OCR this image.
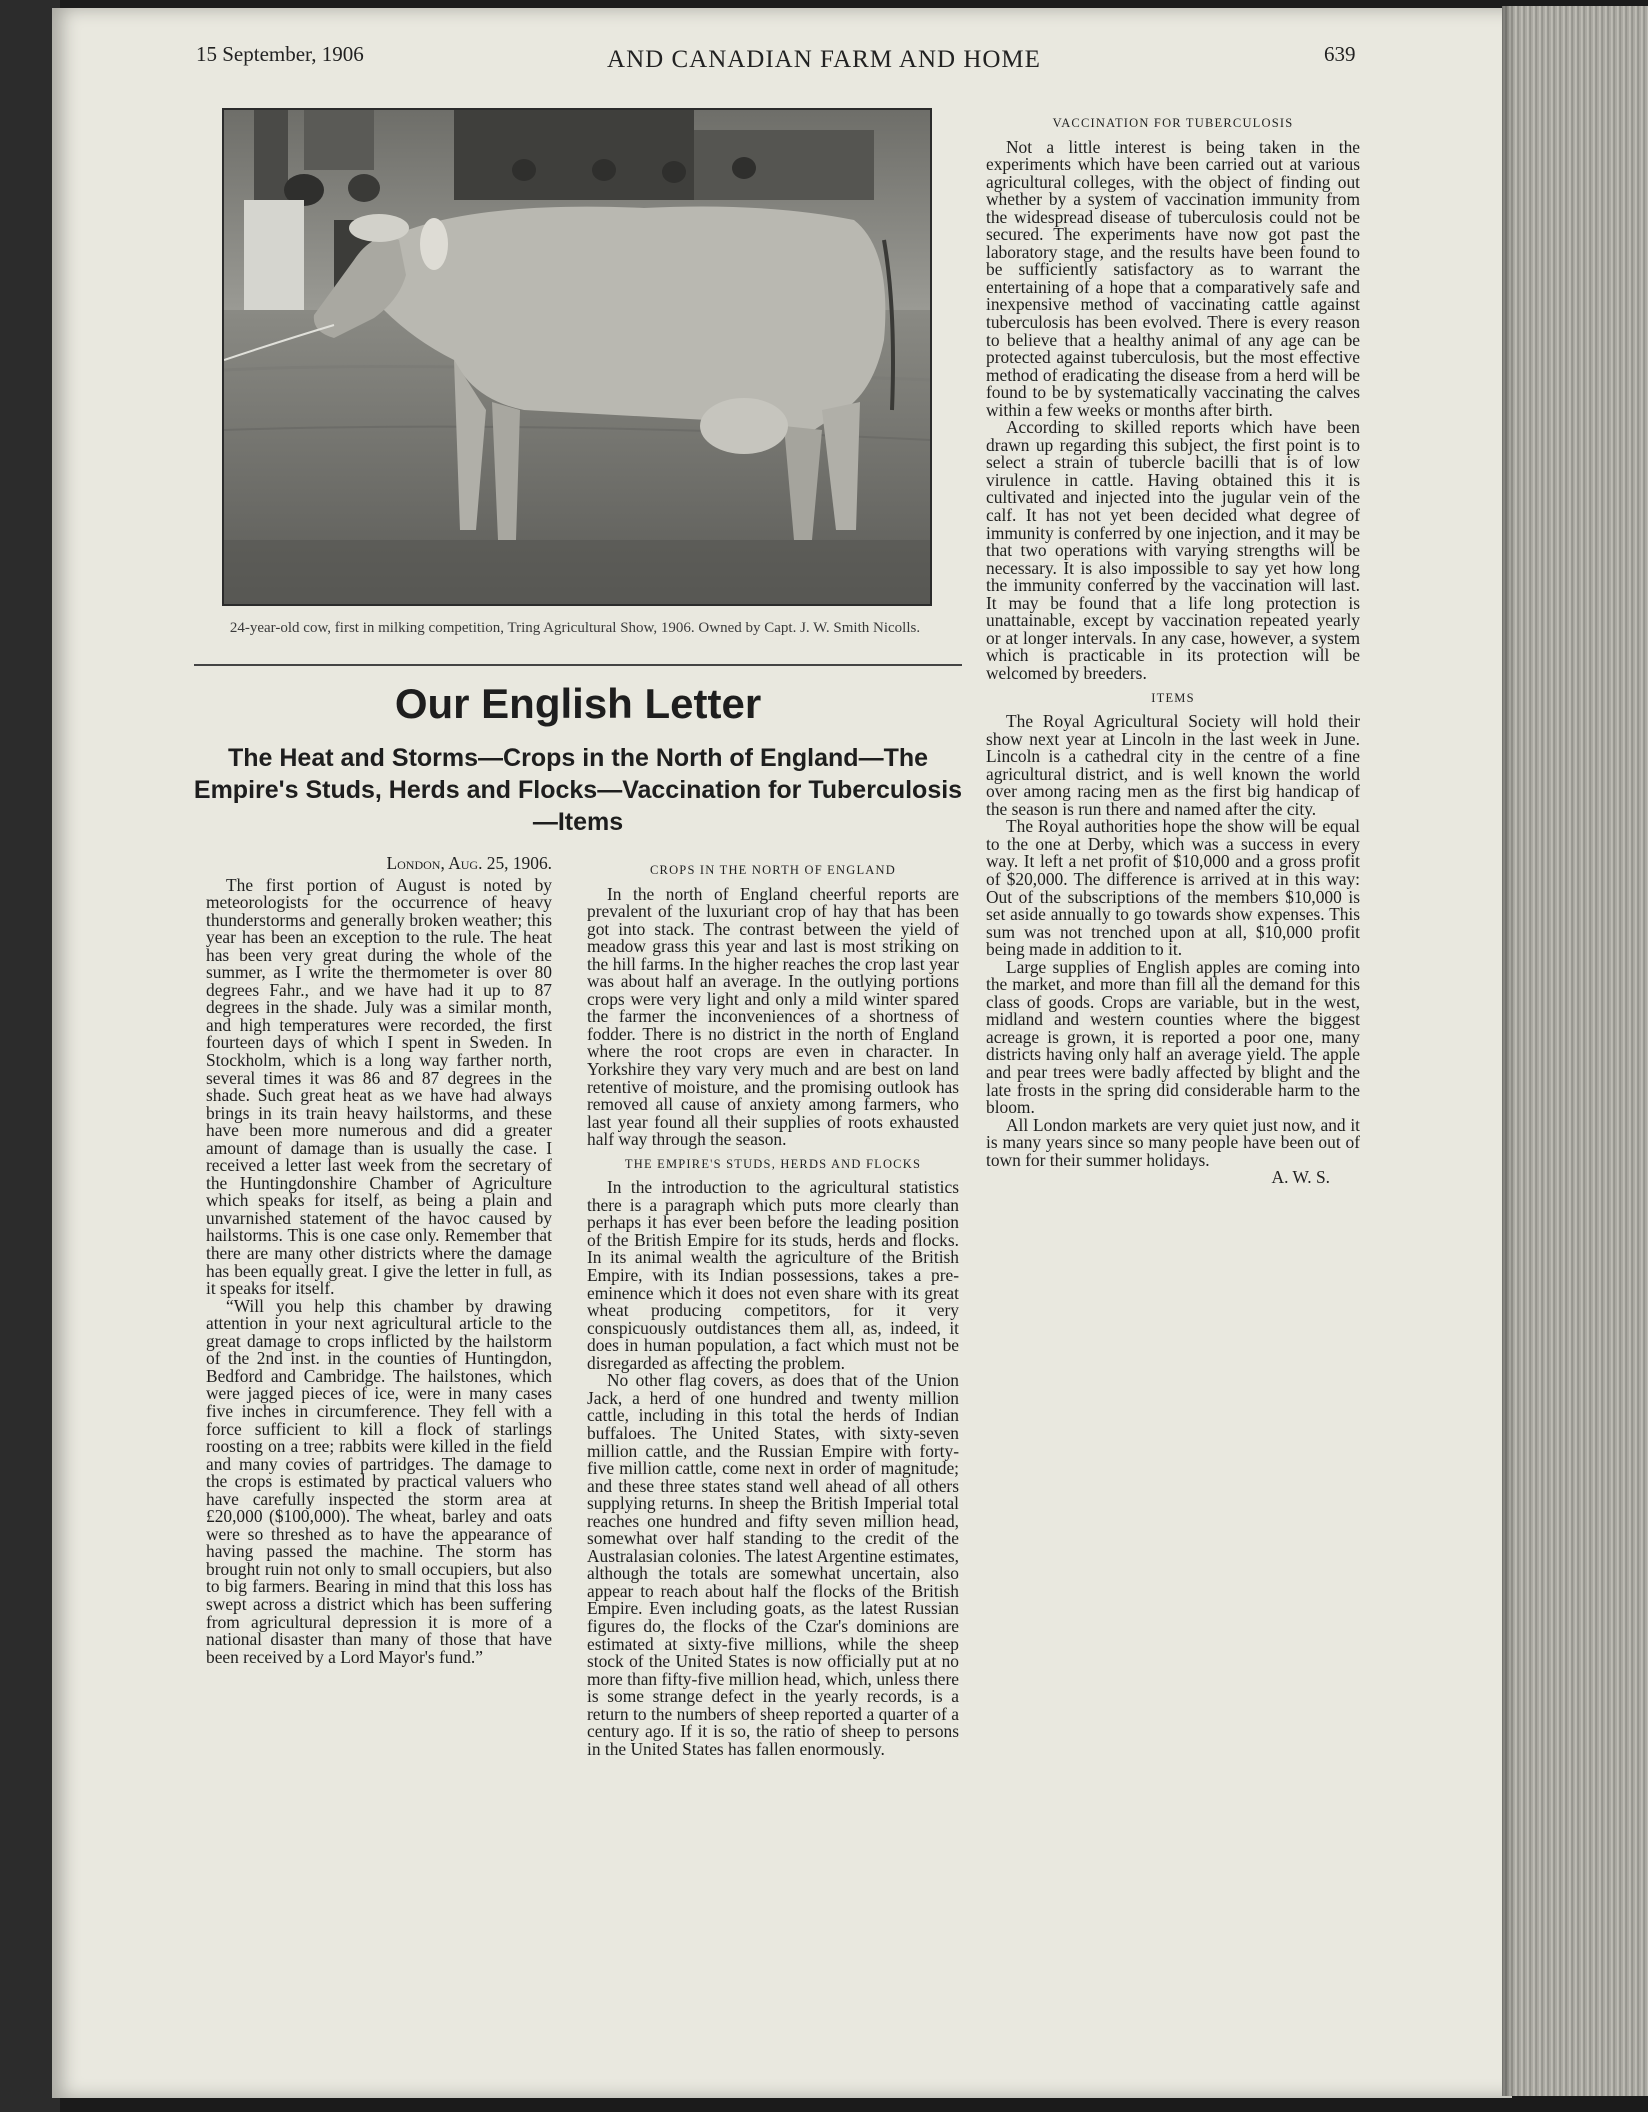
15 September, 1906	AND CANADIAN FARM AND HOME	639
24-year-old cow, first in milking competition, Tring Agricultural Show, 1906. Owned by Capt. J. W. Smith Nicolls.
Our English Letter
The Heat and Storms—Crops in the North of England—The Empire's Studs, Herds and Flocks—Vaccination for Tuberculosis—Items
London, Aug. 25, 1906.

The first portion of August is noted by meteorologists for the occurrence of heavy thunderstorms and generally broken weather; this year has been an exception to the rule. The heat has been very great during the whole of the summer, as I write the thermometer is over 80 degrees Fahr., and we have had it up to 87 degrees in the shade. July was a similar month, and high temperatures were recorded, the first fourteen days of which I spent in Sweden. In Stockholm, which is a long way farther north, several times it was 86 and 87 degrees in the shade. Such great heat as we have had always brings in its train heavy hailstorms, and these have been more numerous and did a greater amount of damage than is usually the case. I received a letter last week from the secretary of the Huntingdonshire Chamber of Agriculture which speaks for itself, as being a plain and unvarnished statement of the havoc caused by hailstorms. This is one case only. Remember that there are many other districts where the damage has been equally great. I give the letter in full, as it speaks for itself.

“Will you help this chamber by drawing attention in your next agricultural article to the great damage to crops inflicted by the hailstorm of the 2nd inst. in the counties of Huntingdon, Bedford and Cambridge. The hailstones, which were jagged pieces of ice, were in many cases five inches in circumference. They fell with a force sufficient to kill a flock of starlings roosting on a tree; rabbits were killed in the field and many covies of partridges. The damage to the crops is estimated by practical valuers who have carefully inspected the storm area at £20,000 ($100,000). The wheat, barley and oats were so threshed as to have the appearance of having passed the machine. The storm has brought ruin not only to small occupiers, but also to big farmers. Bearing in mind that this loss has swept across a district which has been suffering from agricultural depression it is more of a national disaster than many of those that have been received by a Lord Mayor's fund.”

CROPS IN THE NORTH OF ENGLAND

In the north of England cheerful reports are prevalent of the luxuriant crop of hay that has been got into stack. The contrast between the yield of meadow grass this year and last is most striking on the hill farms. In the higher reaches the crop last year was about half an average. In the outlying portions crops were very light and only a mild winter spared the farmer the inconveniences of a shortness of fodder. There is no district in the north of England where the root crops are even in character. In Yorkshire they vary very much and are best on land retentive of moisture, and the promising outlook has removed all cause of anxiety among farmers, who last year found all their supplies of roots exhausted half way through the season.

THE EMPIRE'S STUDS, HERDS AND FLOCKS

In the introduction to the agricultural statistics there is a paragraph which puts more clearly than perhaps it has ever been before the leading position of the British Empire for its studs, herds and flocks. In its animal wealth the agriculture of the British Empire, with its Indian possessions, takes a pre-eminence which it does not even share with its great wheat producing competitors, for it very conspicuously outdistances them all, as, indeed, it does in human population, a fact which must not be disregarded as affecting the problem.

No other flag covers, as does that of the Union Jack, a herd of one hundred and twenty million cattle, including in this total the herds of Indian buffaloes. The United States, with sixty-seven million cattle, and the Russian Empire with forty-five million cattle, come next in order of magnitude; and these three states stand well ahead of all others supplying returns. In sheep the British Imperial total reaches one hundred and fifty seven million head, somewhat over half standing to the credit of the Australasian colonies. The latest Argentine estimates, although the totals are somewhat uncertain, also appear to reach about half the flocks of the British Empire. Even including goats, as the latest Russian figures do, the flocks of the Czar's dominions are estimated at sixty-five millions, while the sheep stock of the United States is now officially put at no more than fifty-five million head, which, unless there is some strange defect in the yearly records, is a return to the numbers of sheep reported a quarter of a century ago. If it is so, the ratio of sheep to persons in the United States has fallen enormously.

VACCINATION FOR TUBERCULOSIS

Not a little interest is being taken in the experiments which have been carried out at various agricultural colleges, with the object of finding out whether by a system of vaccination immunity from the widespread disease of tuberculosis could not be secured. The experiments have now got past the laboratory stage, and the results have been found to be sufficiently satisfactory as to warrant the entertaining of a hope that a comparatively safe and inexpensive method of vaccinating cattle against tuberculosis has been evolved. There is every reason to believe that a healthy animal of any age can be protected against tuberculosis, but the most effective method of eradicating the disease from a herd will be found to be by systematically vaccinating the calves within a few weeks or months after birth.

According to skilled reports which have been drawn up regarding this subject, the first point is to select a strain of tubercle bacilli that is of low virulence in cattle. Having obtained this it is cultivated and injected into the jugular vein of the calf. It has not yet been decided what degree of immunity is conferred by one injection, and it may be that two operations with varying strengths will be necessary. It is also impossible to say yet how long the immunity conferred by the vaccination will last. It may be found that a life long protection is unattainable, except by vaccination repeated yearly or at longer intervals. In any case, however, a system which is practicable in its protection will be welcomed by breeders.

ITEMS

The Royal Agricultural Society will hold their show next year at Lincoln in the last week in June. Lincoln is a cathedral city in the centre of a fine agricultural district, and is well known the world over among racing men as the first big handicap of the season is run there and named after the city.

The Royal authorities hope the show will be equal to the one at Derby, which was a success in every way. It left a net profit of $10,000 and a gross profit of $20,000. The difference is arrived at in this way: Out of the subscriptions of the members $10,000 is set aside annually to go towards show expenses. This sum was not trenched upon at all, $10,000 profit being made in addition to it.

Large supplies of English apples are coming into the market, and more than fill all the demand for this class of goods. Crops are variable, but in the west, midland and western counties where the biggest acreage is grown, it is reported a poor one, many districts having only half an average yield. The apple and pear trees were badly affected by blight and the late frosts in the spring did considerable harm to the bloom.

All London markets are very quiet just now, and it is many years since so many people have been out of town for their summer holidays.

A. W. S.
